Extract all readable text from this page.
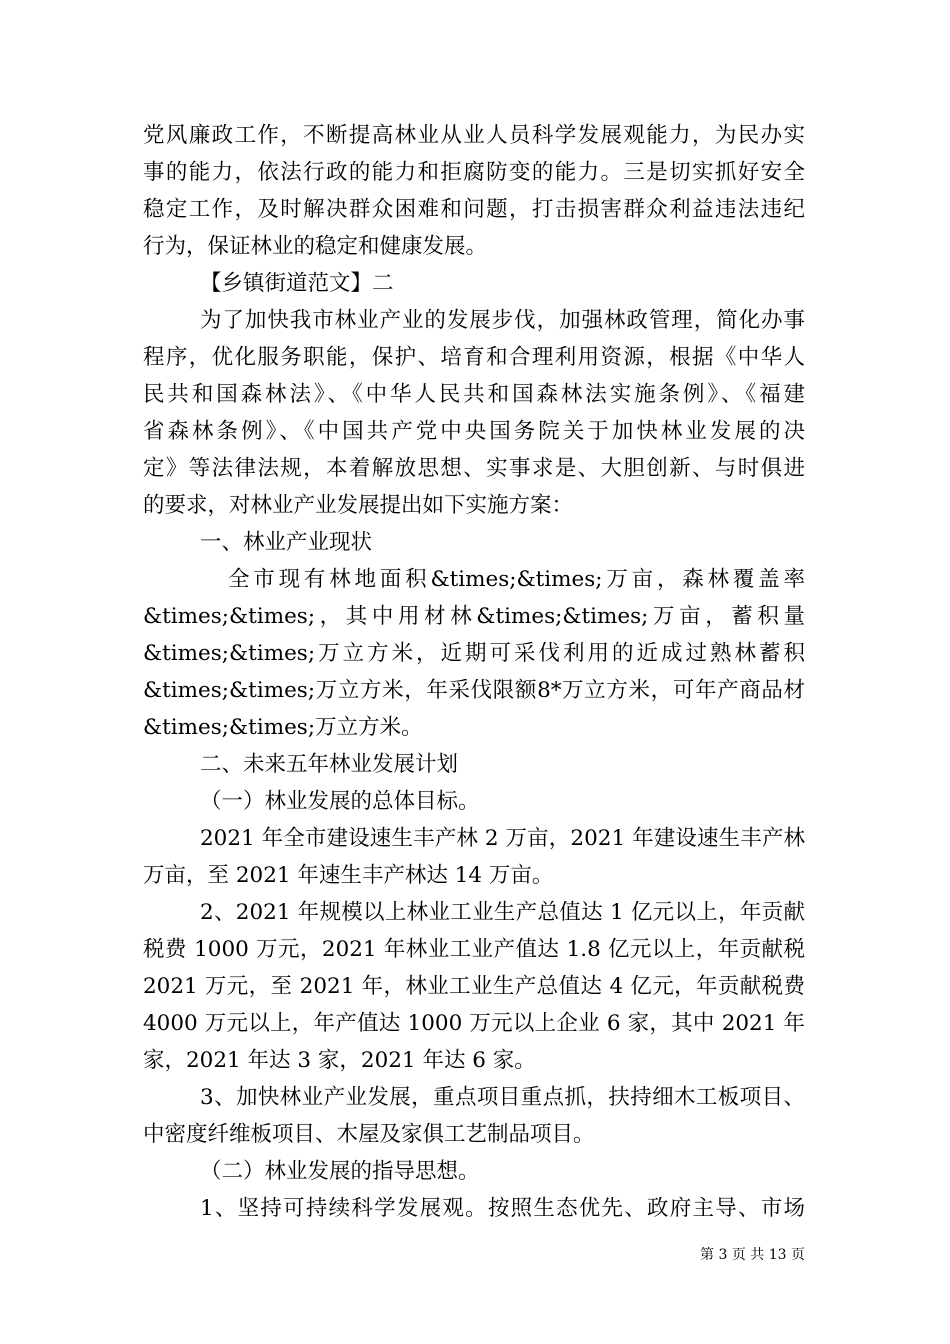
党风廉政工作，不断提高林业从业人员科学发展观能力，为民办实
事的能力，依法行政的能力和拒腐防变的能力。三是切实抓好安全
稳定工作，及时解决群众困难和问题，打击损害群众利益违法违纪
行为，保证林业的稳定和健康发展。
【乡镇街道范文】二
为了加快我市林业产业的发展步伐，加强林政管理，简化办事
程序，优化服务职能，保护、培育和合理利用资源，根据《中华人
民共和国森林法》、《中华人民共和国森林法实施条例》、《福建
省森林条例》、《中国共产党中央国务院关于加快林业发展的决
定》等法律法规，本着解放思想、实事求是、大胆创新、与时俱进
的要求，对林业产业发展提出如下实施方案：
一、林业产业现状
全市现有林地面积&times;&times;万亩，森林覆盖率
&times;&times;，其中用材林&times;&times;万亩，蓄积量
&times;&times;万立方米，近期可采伐利用的近成过熟林蓄积
&times;&times;万立方米，年采伐限额8*万立方米，可年产商品材
&times;&times;万立方米。
二、未来五年林业发展计划
（一）林业发展的总体目标。
2021 年全市建设速生丰产林 2 万亩，2021 年建设速生丰产林
万亩，至 2021 年速生丰产林达 14 万亩。
2、2021 年规模以上林业工业生产总值达 1 亿元以上，年贡献
税费 1000 万元，2021 年林业工业产值达 1.8 亿元以上，年贡献税
2021 万元，至 2021 年，林业工业生产总值达 4 亿元，年贡献税费
4000 万元以上，年产值达 1000 万元以上企业 6 家，其中 2021 年
家，2021 年达 3 家，2021 年达 6 家。
3、加快林业产业发展，重点项目重点抓，扶持细木工板项目、
中密度纤维板项目、木屋及家俱工艺制品项目。
（二）林业发展的指导思想。
1、坚持可持续科学发展观。按照生态优先、政府主导、市场
第 3 页 共 13 页
